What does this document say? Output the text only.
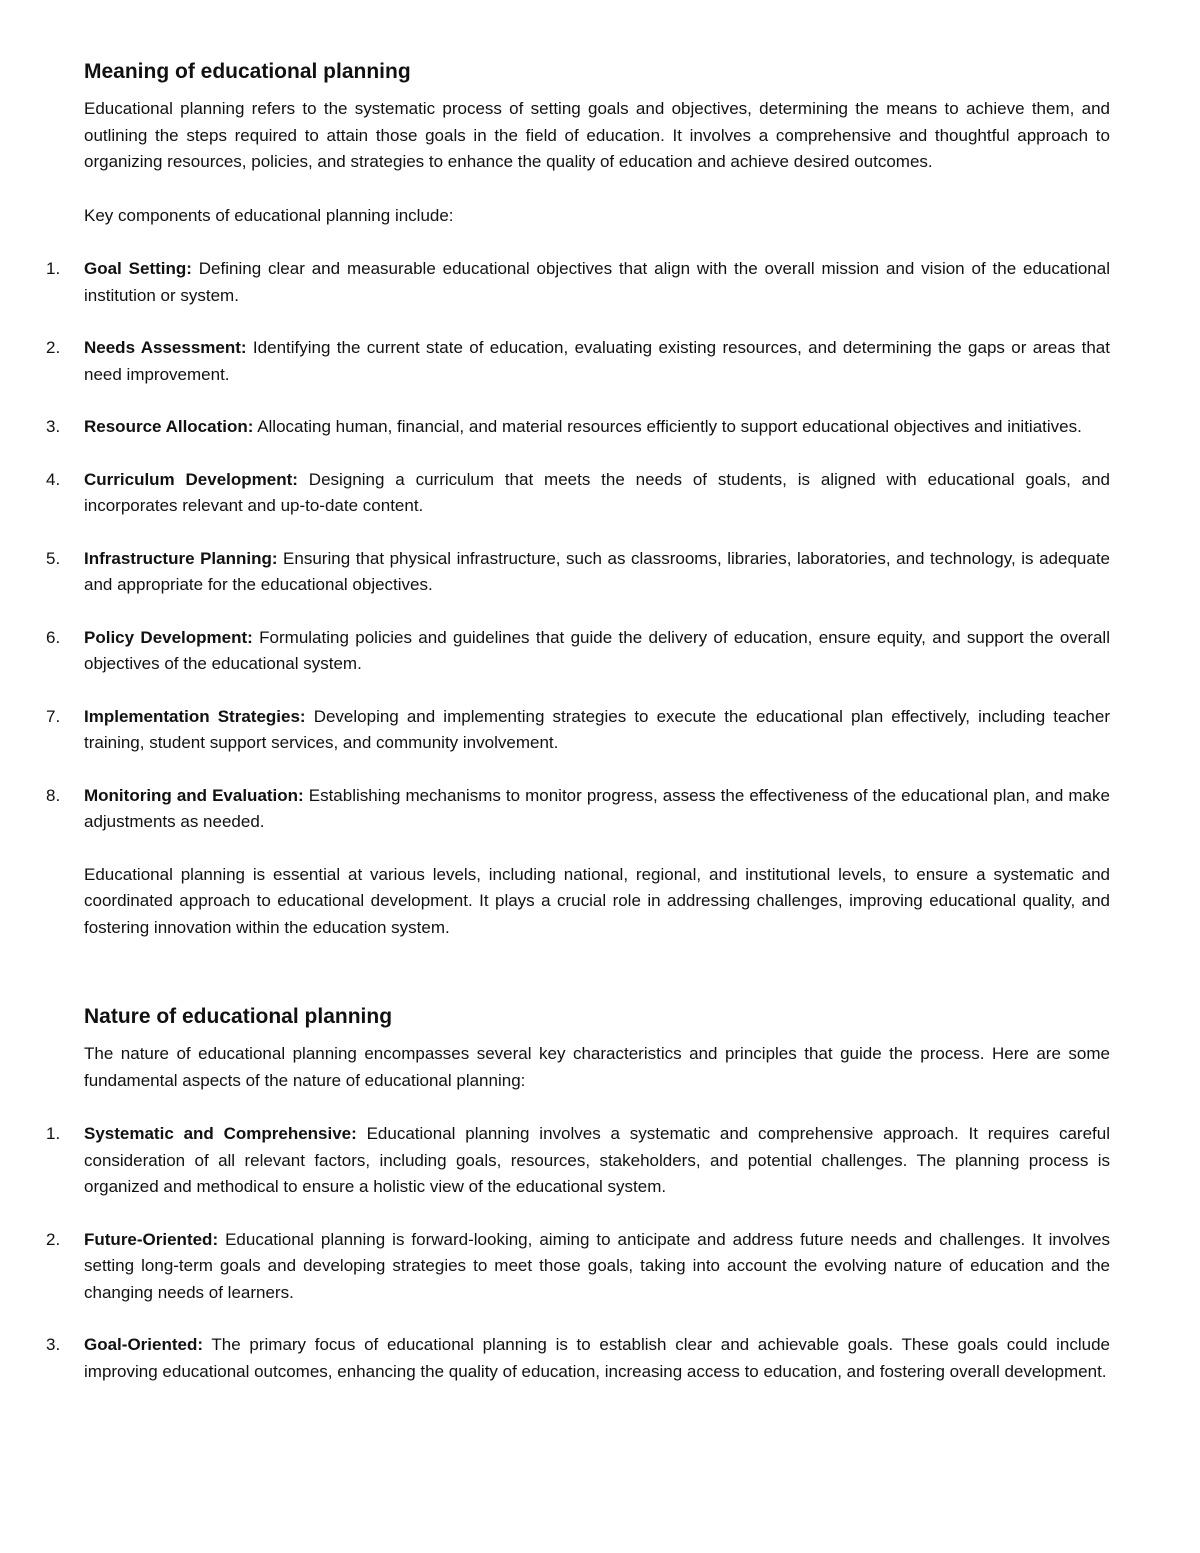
Meaning of educational planning

Educational planning refers to the systematic process of setting goals and objectives, determining the means to achieve them, and outlining the steps required to attain those goals in the field of education. It involves a comprehensive and thoughtful approach to organizing resources, policies, and strategies to enhance the quality of education and achieve desired outcomes.

Key components of educational planning include:

1.	Goal Setting: Defining clear and measurable educational objectives that align with the overall mission and vision of the educational institution or system.
2.	Needs Assessment: Identifying the current state of education, evaluating existing resources, and determining the gaps or areas that need improvement.
3.	Resource Allocation: Allocating human, financial, and material resources efficiently to support educational objectives and initiatives.
4.	Curriculum Development: Designing a curriculum that meets the needs of students, is aligned with educational goals, and incorporates relevant and up-to-date content.
5.	Infrastructure Planning: Ensuring that physical infrastructure, such as classrooms, libraries, laboratories, and technology, is adequate and appropriate for the educational objectives.
6.	Policy Development: Formulating policies and guidelines that guide the delivery of education, ensure equity, and support the overall objectives of the educational system.
7.	Implementation Strategies: Developing and implementing strategies to execute the educational plan effectively, including teacher training, student support services, and community involvement.
8.	Monitoring and Evaluation: Establishing mechanisms to monitor progress, assess the effectiveness of the educational plan, and make adjustments as needed.

Educational planning is essential at various levels, including national, regional, and institutional levels, to ensure a systematic and coordinated approach to educational development. It plays a crucial role in addressing challenges, improving educational quality, and fostering innovation within the education system.

Nature of educational planning

The nature of educational planning encompasses several key characteristics and principles that guide the process. Here are some fundamental aspects of the nature of educational planning:

1.	Systematic and Comprehensive: Educational planning involves a systematic and comprehensive approach. It requires careful consideration of all relevant factors, including goals, resources, stakeholders, and potential challenges. The planning process is organized and methodical to ensure a holistic view of the educational system.
2.	Future-Oriented: Educational planning is forward-looking, aiming to anticipate and address future needs and challenges. It involves setting long-term goals and developing strategies to meet those goals, taking into account the evolving nature of education and the changing needs of learners.
3.	Goal-Oriented: The primary focus of educational planning is to establish clear and achievable goals. These goals could include improving educational outcomes, enhancing the quality of education, increasing access to education, and fostering overall development.
